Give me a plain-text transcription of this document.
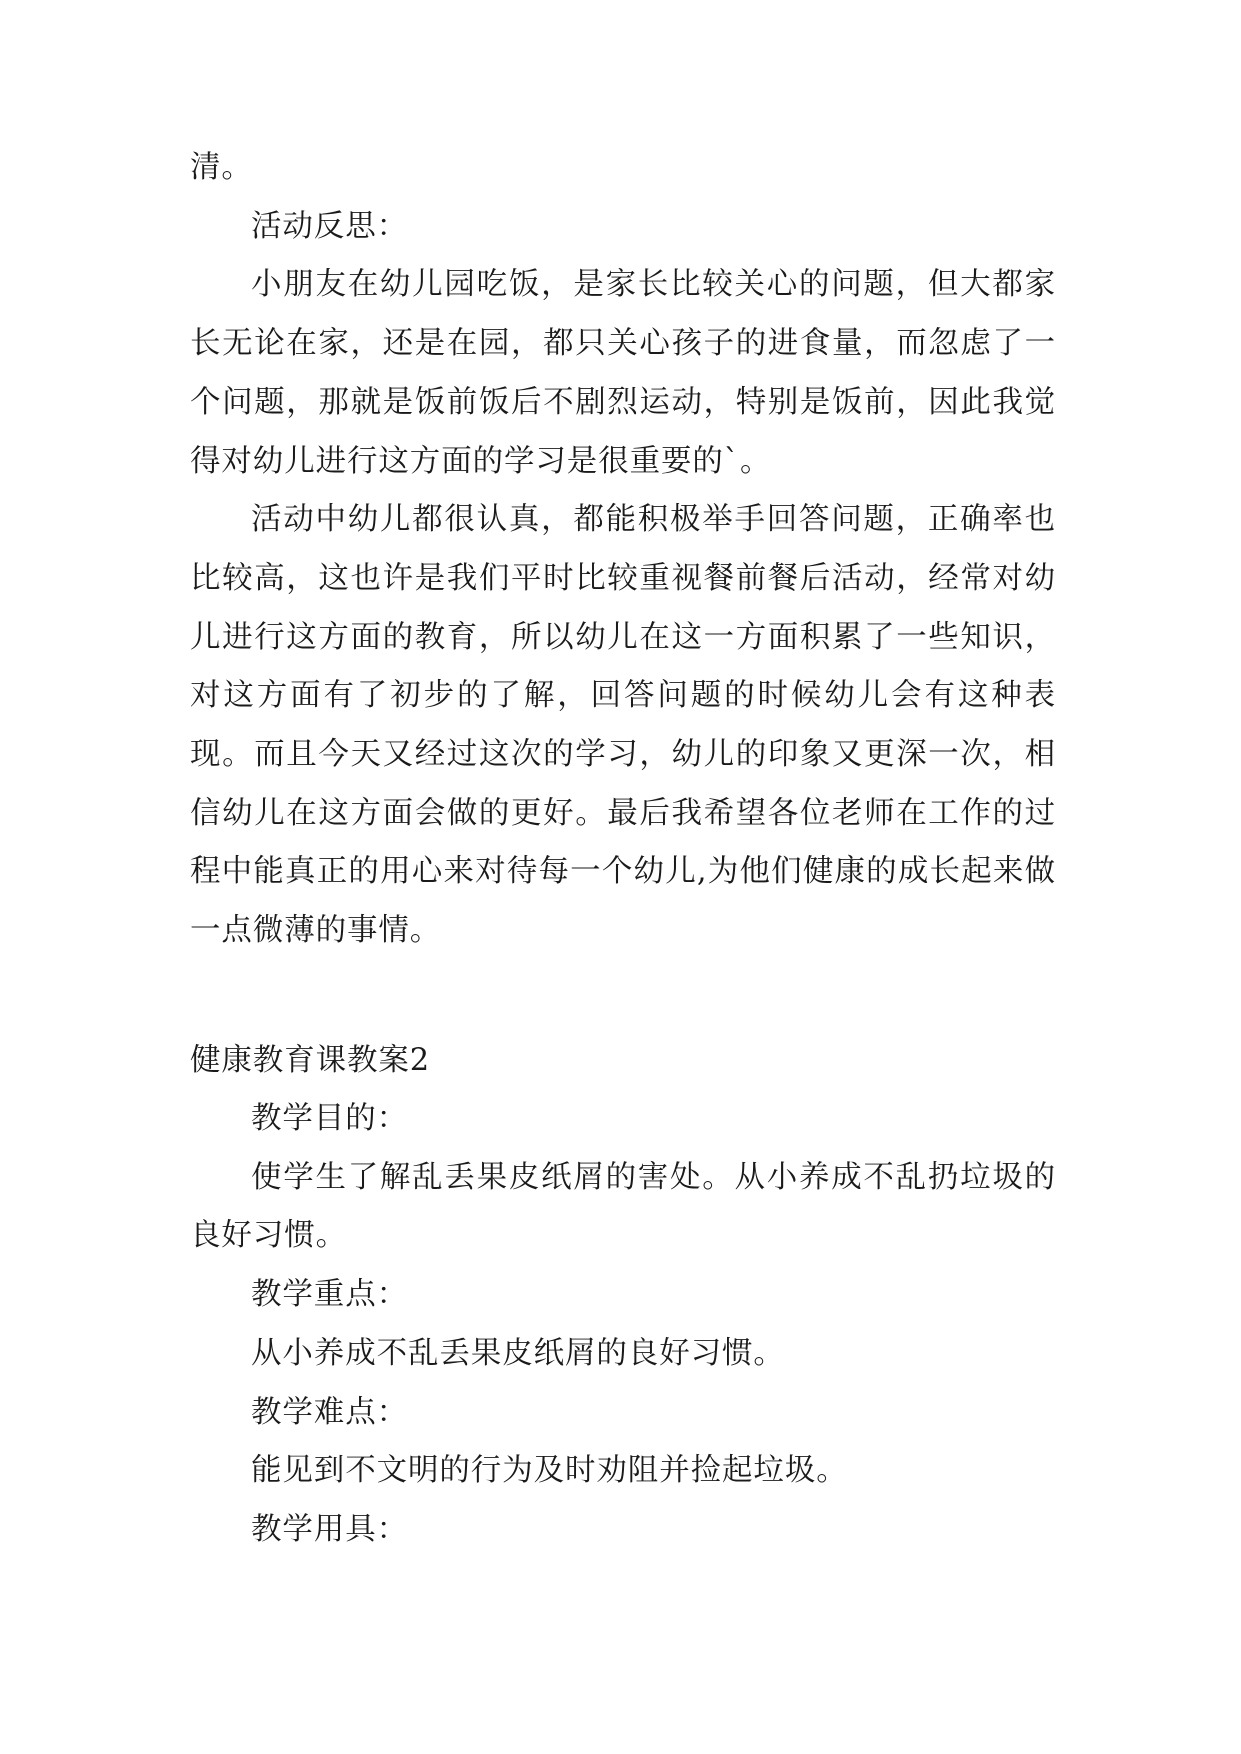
清。

活动反思：

小朋友在幼儿园吃饭，是家长比较关心的问题，但大都家长无论在家，还是在园，都只关心孩子的进食量，而忽虑了一个问题，那就是饭前饭后不剧烈运动，特别是饭前，因此我觉得对幼儿进行这方面的学习是很重要的`。

活动中幼儿都很认真，都能积极举手回答问题，正确率也比较高，这也许是我们平时比较重视餐前餐后活动，经常对幼儿进行这方面的教育，所以幼儿在这一方面积累了一些知识，对这方面有了初步的了解，回答问题的时候幼儿会有这种表现。而且今天又经过这次的学习，幼儿的印象又更深一次，相信幼儿在这方面会做的更好。最后我希望各位老师在工作的过程中能真正的用心来对待每一个幼儿,为他们健康的成长起来做一点微薄的事情。

健康教育课教案2

教学目的：

使学生了解乱丢果皮纸屑的害处。从小养成不乱扔垃圾的良好习惯。

教学重点：

从小养成不乱丢果皮纸屑的良好习惯。

教学难点：

能见到不文明的行为及时劝阻并捡起垃圾。

教学用具：
